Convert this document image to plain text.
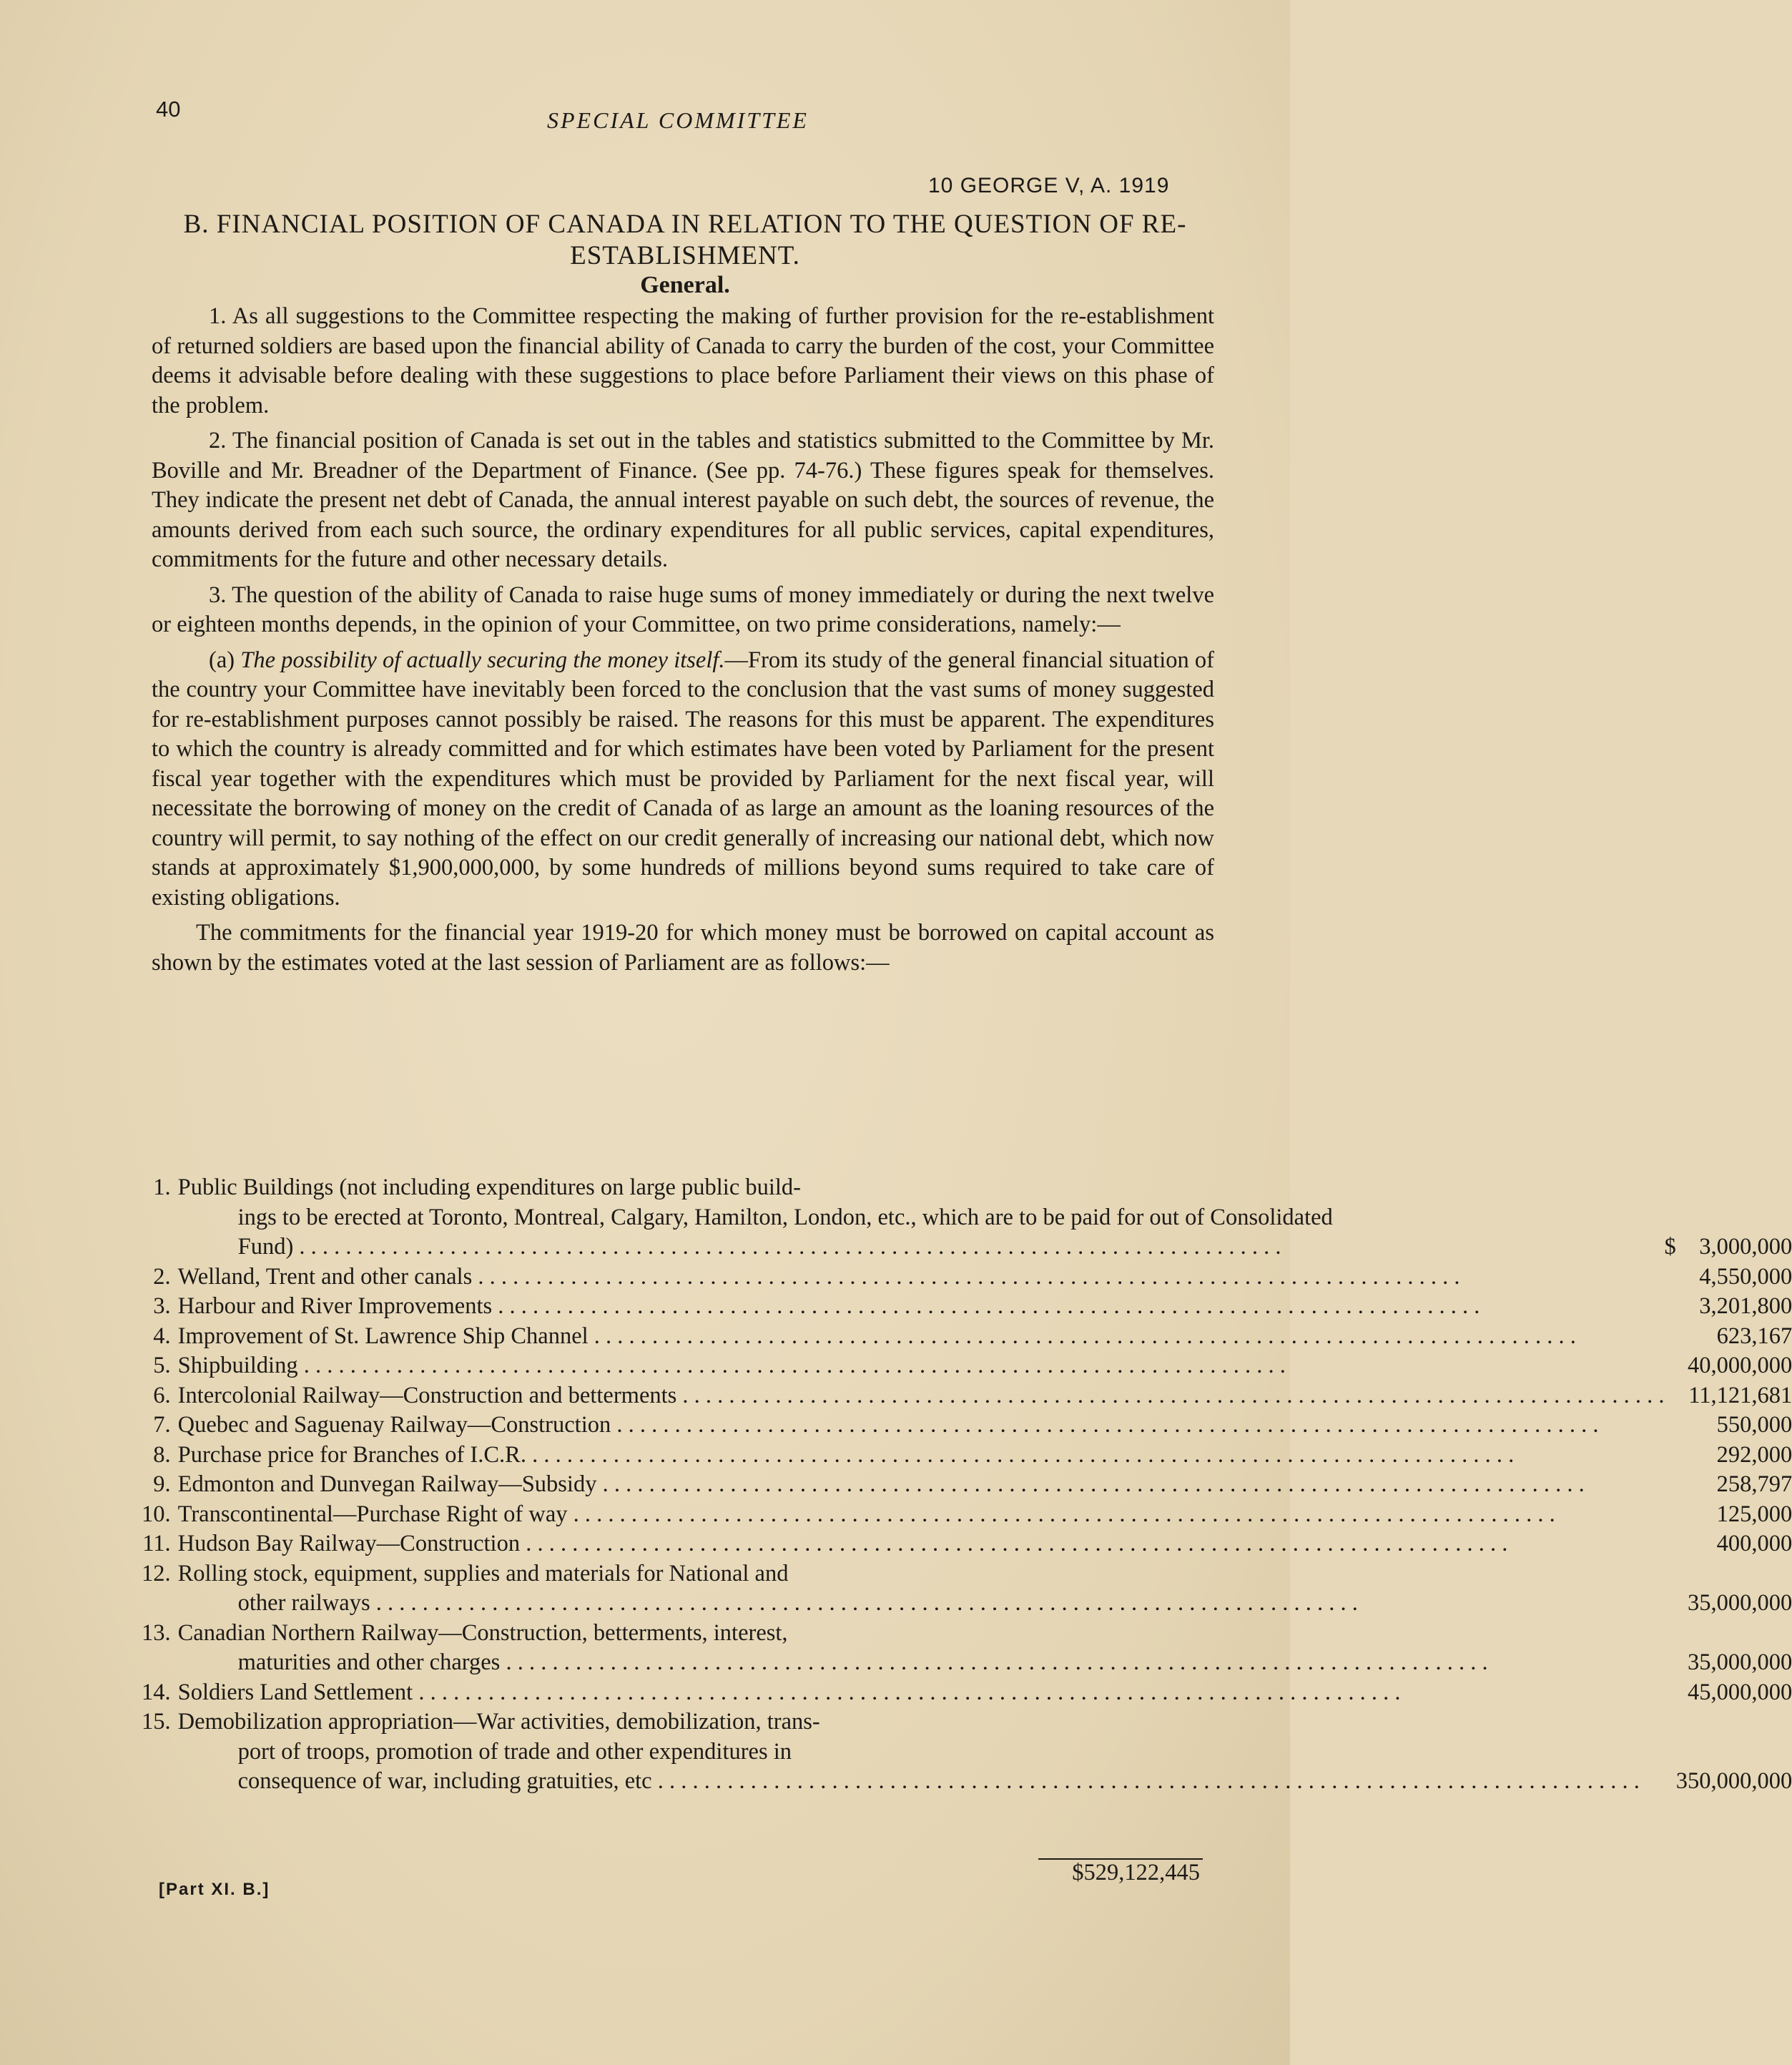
40	SPECIAL COMMITTEE
10 GEORGE V, A. 1919
B. FINANCIAL POSITION OF CANADA IN RELATION TO THE QUESTION OF RE-ESTABLISHMENT.
General.

1. As all suggestions to the Committee respecting the making of further provision for the re-establishment of returned soldiers are based upon the financial ability of Canada to carry the burden of the cost, your Committee deems it advisable before dealing with these suggestions to place before Parliament their views on this phase of the problem.

2. The financial position of Canada is set out in the tables and statistics submitted to the Committee by Mr. Boville and Mr. Breadner of the Department of Finance. (See pp. 74-76.) These figures speak for themselves. They indicate the present net debt of Canada, the annual interest payable on such debt, the sources of revenue, the amounts derived from each such source, the ordinary expenditures for all public services, capital expenditures, commitments for the future and other necessary details.

3. The question of the ability of Canada to raise huge sums of money immediately or during the next twelve or eighteen months depends, in the opinion of your Committee, on two prime considerations, namely:—

(a) The possibility of actually securing the money itself.—From its study of the general financial situation of the country your Committee have inevitably been forced to the conclusion that the vast sums of money suggested for re-establishment purposes cannot possibly be raised. The reasons for this must be apparent. The expenditures to which the country is already committed and for which estimates have been voted by Parliament for the present fiscal year together with the expenditures which must be provided by Parliament for the next fiscal year, will necessitate the borrowing of money on the credit of Canada of as large an amount as the loaning resources of the country will permit, to say nothing of the effect on our credit generally of increasing our national debt, which now stands at approximately $1,900,000,000, by some hundreds of millions beyond sums required to take care of existing obligations.

The commitments for the financial year 1919-20 for which money must be borrowed on capital account as shown by the estimates voted at the last session of Parliament are as follows:—

1.	Public Buildings (not including expenditures on large public build-
ings to be erected at Toronto, Montreal, Calgary, Hamilton, London, etc., which are to be paid for out of Consolidated
Fund) . . .	$	3,000,000
2.	Welland, Trent and other canals . . .		4,550,000
3.	Harbour and River Improvements . . .		3,201,800
4.	Improvement of St. Lawrence Ship Channel . . .		623,167
5.	Shipbuilding . . .		40,000,000
6.	Intercolonial Railway—Construction and betterments . . .		11,121,681
7.	Quebec and Saguenay Railway—Construction . . .		550,000
8.	Purchase price for Branches of I.C.R. . . .		292,000
9.	Edmonton and Dunvegan Railway—Subsidy . . .		258,797
10.	Transcontinental—Purchase Right of way . . .		125,000
11.	Hudson Bay Railway—Construction . . .		400,000
12.	Rolling stock, equipment, supplies and materials for National and
other railways . . .		35,000,000
13.	Canadian Northern Railway—Construction, betterments, interest,
maturities and other charges . . .		35,000,000
14.	Soldiers Land Settlement . . .		45,000,000
15.	Demobilization appropriation—War activities, demobilization, trans-
port of troops, promotion of trade and other expenditures in
consequence of war, including gratuities, etc . . .		350,000,000
$529,122,445
[Part XI. B.]
